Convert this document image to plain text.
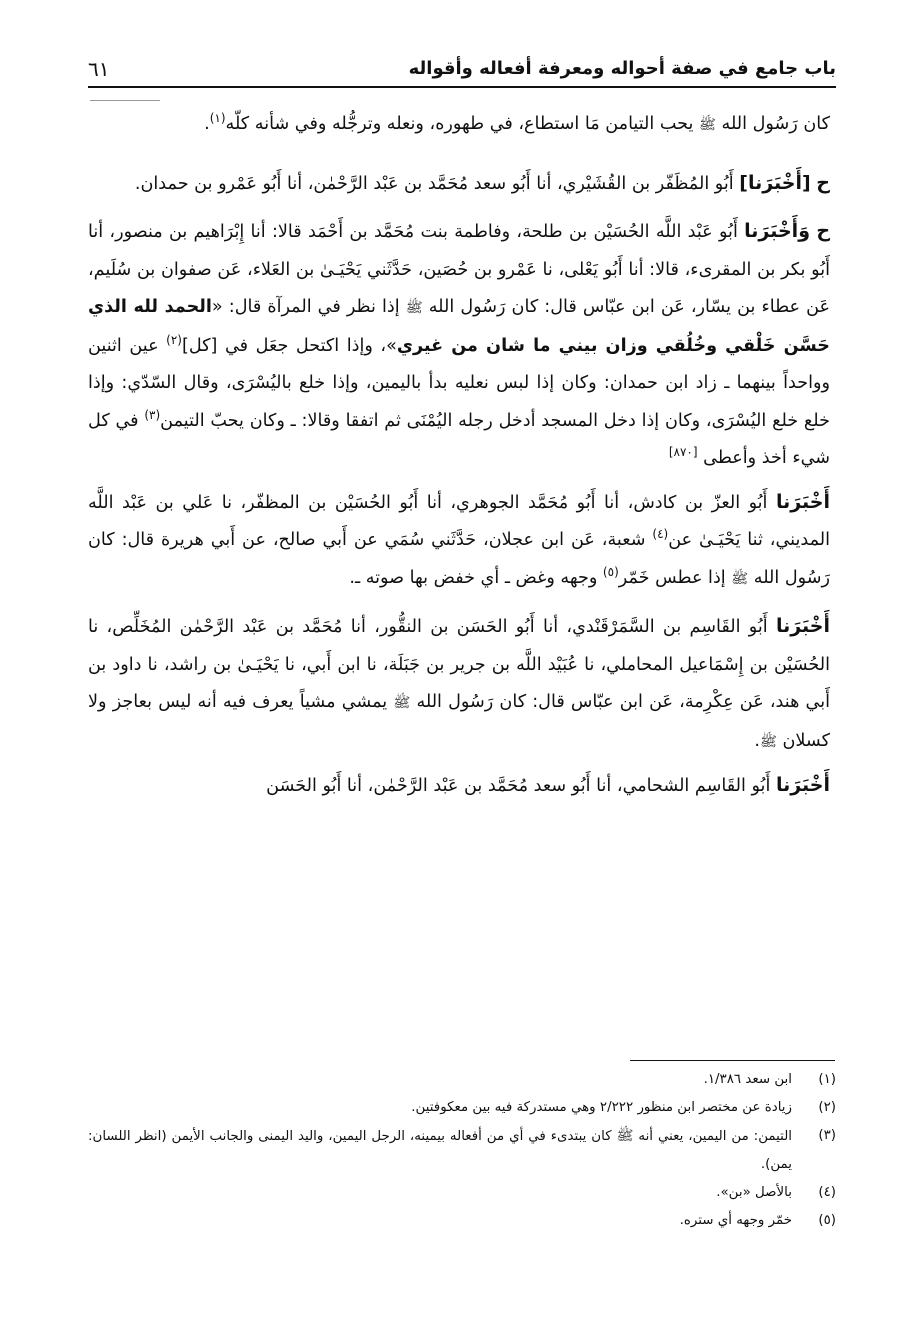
باب جامع في صفة أحواله ومعرفة أفعاله وأقواله
٦١

كان رَسُول الله ﷺ يحب التيامن مَا استطاع، في طهوره، ونعله وترجُّله وفي شأنه كلّه$^{(١)}$.

ح [أَخْبَرَنا] أَبُو المُظَفّر بن القُشَيْري، أنا أَبُو سعد مُحَمَّد بن عَبْد الرَّحْمٰن، أنا أَبُو عَمْرو بن حمدان.

ح وَأَخْبَرَنا أَبُو عَبْد اللَّه الحُسَيْن بن طلحة، وفاطمة بنت مُحَمَّد بن أَحْمَد قالا: أنا إِبْرَاهيم بن منصور، أنا أَبُو بكر بن المقرىء، قالا: أنا أَبُو يَعْلى، نا عَمْرو بن حُصَين، حَدَّثَني يَحْيَـىٰ بن العَلاء، عَن صفوان بن سُلَيم، عَن عطاء بن يسّار، عَن ابن عبّاس قال: كان رَسُول الله ﷺ إذا نظر في المرآة قال: «الحمد لله الذي حَسَّن خَلْقي وخُلُقي وزان بيني ما شان من غيري»، وإذا اكتحل جعَل في [كل]$^{(٢)}$ عين اثنين وواحداً بينهما ـ زاد ابن حمدان: وكان إذا لبس نعليه بدأ باليمين، وإذا خلع باليُسْرَى، وقال السّدّي: وإذا خلع خلع اليُسْرَى، وكان إذا دخل المسجد أدخل رجله اليُمْنَى ثم اتفقا وقالا: ـ وكان يحبّ التيمن$^{(٣)}$ في كل شيء أخذ وأعطى [٨٧٠]

أَخْبَرَنا أَبُو العزّ بن كادش، أنا أَبُو مُحَمَّد الجوهري، أنا أَبُو الحُسَيْن بن المظفّر، نا عَلي بن عَبْد اللَّه المديني، ثنا يَحْيَـىٰ عن$^{(٤)}$ شعبة، عَن ابن عجلان، حَدَّثَني سُمَي عن أَبي صالح، عن أَبي هريرة قال: كان رَسُول الله ﷺ إذا عطس خَمّر$^{(٥)}$ وجهه وغض ـ أي خفض بها صوته ـ.

أَخْبَرَنا أَبُو القَاسِم بن السَّمَرْقَنْدي، أنا أَبُو الحَسَن بن النقُّور، أنا مُحَمَّد بن عَبْد الرَّحْمٰن المُخَلِّص، نا الحُسَيْن بن إِسْمَاعيل المحاملي، نا عُبَيْد اللَّه بن جرير بن جَبَلَة، نا ابن أَبي، نا يَحْيَـىٰ بن راشد، نا داود بن أَبي هند، عَن عِكْرِمة، عَن ابن عبّاس قال: كان رَسُول الله ﷺ يمشي مشياً يعرف فيه أنه ليس بعاجز ولا كسلان ﷺ.

أَخْبَرَنا أَبُو القَاسِم الشحامي، أنا أَبُو سعد مُحَمَّد بن عَبْد الرَّحْمٰن، أنا أَبُو الحَسَن

(١)
ابن سعد ١/٣٨٦.
(٢)
زيادة عن مختصر ابن منظور ٢/٢٢٢ وهي مستدركة فيه بين معكوفتين.
(٣)
التيمن: من اليمين، يعني أنه ﷺ كان يبتدىء في أي من أفعاله بيمينه، الرجل اليمين، واليد اليمنى والجانب الأيمن (انظر اللسان: يمن).
(٤)
بالأصل «بن».
(٥)
خمّر وجهه أي ستره.
